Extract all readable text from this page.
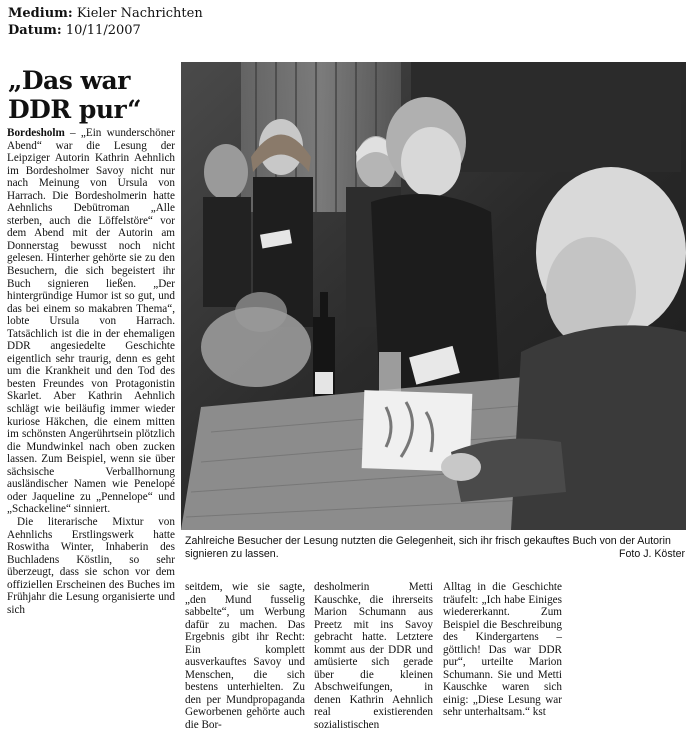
Medium: Kieler Nachrichten
Datum: 10/11/2007
„Das war
DDR pur“

Bordesholm – „Ein wunderschöner Abend“ war die Lesung der Leipziger Autorin Kathrin Aehnlich im Bordesholmer Savoy nicht nur nach Meinung von Ursula von Harrach. Die Bordesholmerin hatte Aehnlichs Debütroman „Alle sterben, auch die Löffelstöre“ vor dem Abend mit der Autorin am Donnerstag bewusst noch nicht gelesen. Hinterher gehörte sie zu den Besuchern, die sich begeistert ihr Buch signieren ließen. „Der hintergründige Humor ist so gut, und das bei einem so makabren Thema“, lobte Ursula von Harrach. Tatsächlich ist die in der ehemaligen DDR angesiedelte Geschichte eigentlich sehr traurig, denn es geht um die Krankheit und den Tod des besten Freundes von Protagonistin Skarlet. Aber Kathrin Aehnlich schlägt wie beiläufig immer wieder kuriose Häkchen, die einem mitten im schönsten Angerührtsein plötzlich die Mundwinkel nach oben zucken lassen. Zum Beispiel, wenn sie über sächsische Verballhornung ausländischer Namen wie Penelopé oder Jaqueline zu „Pennelope“ und „Schackeline“ sinniert.

Die literarische Mixtur von Aehnlichs Erstlingswerk hatte Roswitha Winter, Inhaberin des Buchladens Köstlin, so sehr überzeugt, dass sie schon vor dem offiziellen Erscheinen des Buches im Frühjahr die Lesung organisierte und sich

Zahlreiche Besucher der Lesung nutzten die Gelegenheit, sich ihr frisch gekauftes Buch von der Autorin signieren zu lassen.	Foto J. Köster

seitdem, wie sie sagte, „den Mund fusselig sabbelte“, um Werbung dafür zu machen. Das Ergebnis gibt ihr Recht: Ein komplett ausverkauftes Savoy und Menschen, die sich bestens unterhielten. Zu den per Mundpropaganda Geworbenen gehörte auch die Bor-

desholmerin Metti Kauschke, die ihrerseits Marion Schumann aus Preetz mit ins Savoy gebracht hatte. Letztere kommt aus der DDR und amüsierte sich gerade über die kleinen Abschweifungen, in denen Kathrin Aehnlich real existierenden sozialistischen

Alltag in die Geschichte träufelt: „Ich habe Einiges wiedererkannt. Zum Beispiel die Beschreibung des Kindergartens – göttlich! Das war DDR pur“, urteilte Marion Schumann. Sie und Metti Kauschke waren sich einig: „Diese Lesung war sehr unterhaltsam.“ kst
